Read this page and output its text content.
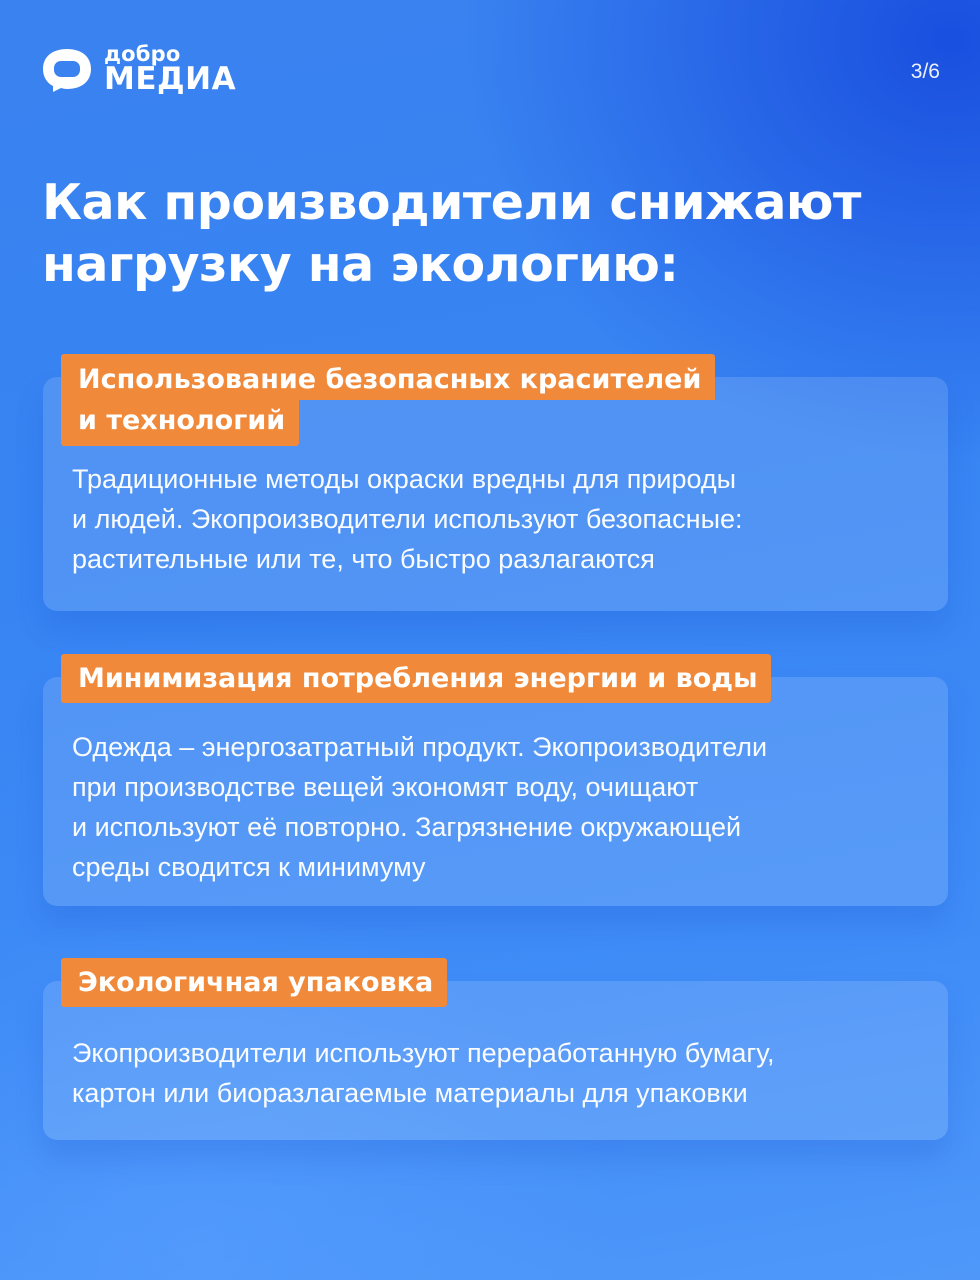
добро
МЕДИА	3/6
Как производители снижают
нагрузку на экологию:
Использование безопасных красителей
и технологий

Традиционные методы окраски вредны для природы
и людей. Экопроизводители используют безопасные:
растительные или те, что быстро разлагаются

Минимизация потребления энергии и воды

Одежда – энергозатратный продукт. Экопроизводители
при производстве вещей экономят воду, очищают
и используют её повторно. Загрязнение окружающей
среды сводится к минимуму

Экологичная упаковка

Экопроизводители используют переработанную бумагу,
картон или биоразлагаемые материалы для упаковки
